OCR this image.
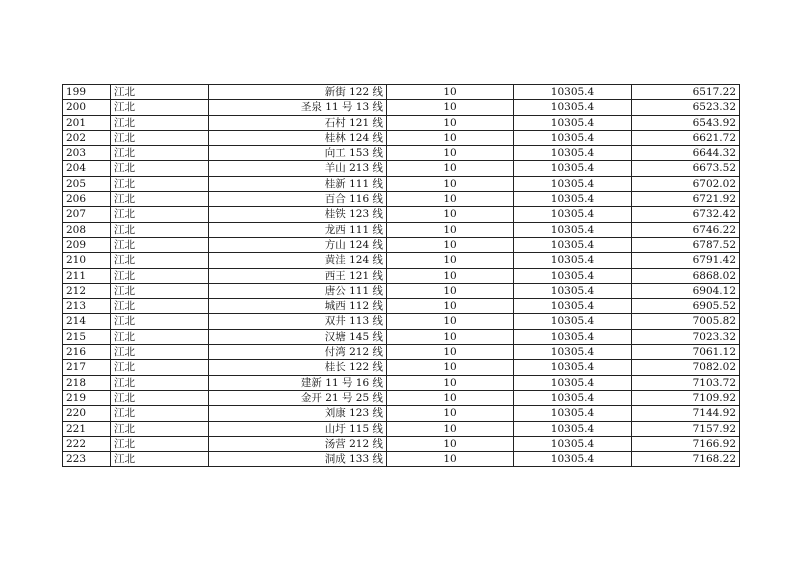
199	江北	新街 122 线	10	10305.4	6517.22
200	江北	圣泉 11 号 13 线	10	10305.4	6523.32
201	江北	石村 121 线	10	10305.4	6543.92
202	江北	桂林 124 线	10	10305.4	6621.72
203	江北	向工 153 线	10	10305.4	6644.32
204	江北	羊山 213 线	10	10305.4	6673.52
205	江北	桂新 111 线	10	10305.4	6702.02
206	江北	百合 116 线	10	10305.4	6721.92
207	江北	桂铁 123 线	10	10305.4	6732.42
208	江北	龙西 111 线	10	10305.4	6746.22
209	江北	方山 124 线	10	10305.4	6787.52
210	江北	黄洼 124 线	10	10305.4	6791.42
211	江北	西王 121 线	10	10305.4	6868.02
212	江北	唐公 111 线	10	10305.4	6904.12
213	江北	城西 112 线	10	10305.4	6905.52
214	江北	双井 113 线	10	10305.4	7005.82
215	江北	汉塘 145 线	10	10305.4	7023.32
216	江北	付湾 212 线	10	10305.4	7061.12
217	江北	桂长 122 线	10	10305.4	7082.02
218	江北	建新 11 号 16 线	10	10305.4	7103.72
219	江北	金开 21 号 25 线	10	10305.4	7109.92
220	江北	刘康 123 线	10	10305.4	7144.92
221	江北	山圩 115 线	10	10305.4	7157.92
222	江北	汤营 212 线	10	10305.4	7166.92
223	江北	洞成 133 线	10	10305.4	7168.22
